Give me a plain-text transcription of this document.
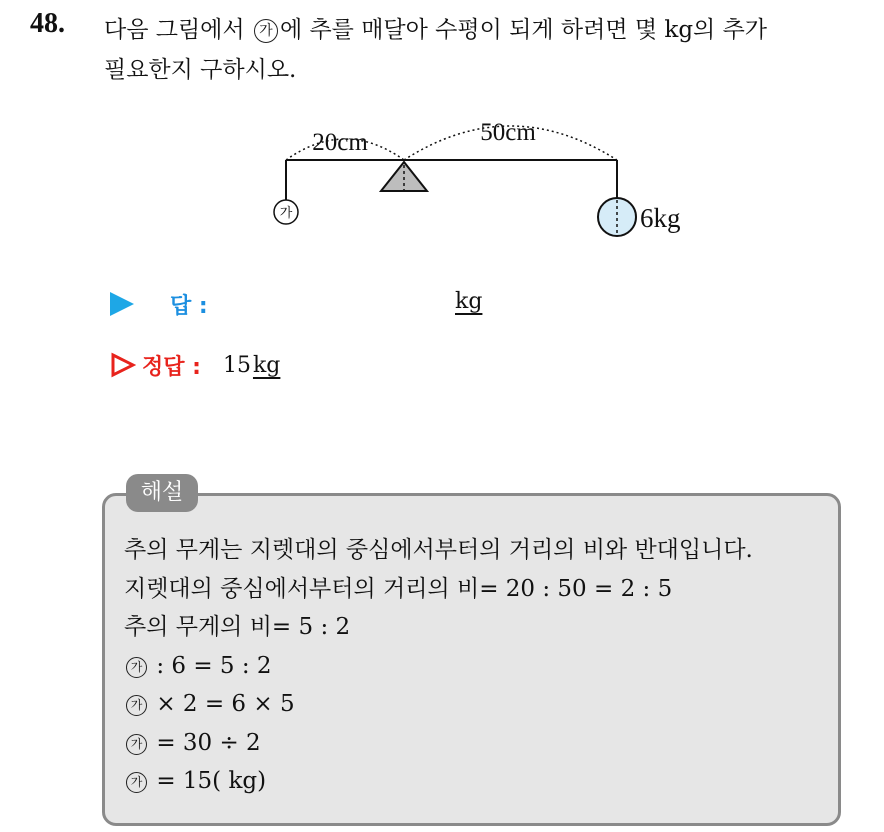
48. 다음 그림에서 가 에 추를 매달아 수평이 되게 하려면 몇 kg의 추가
필요한지 구하시오.
20cm	50cm
가	6kg
답 :	kg
정답 : 15kg
해설
추의 무게는 지렛대의 중심에서부터의 거리의 비와 반대입니다.
지렛대의 중심에서부터의 거리의 비= 20 : 50 = 2 : 5
추의 무게의 비= 5 : 2
가 : 6 = 5 : 2
가 × 2 = 6 × 5
가 = 30 ÷ 2
가 = 15( kg)
